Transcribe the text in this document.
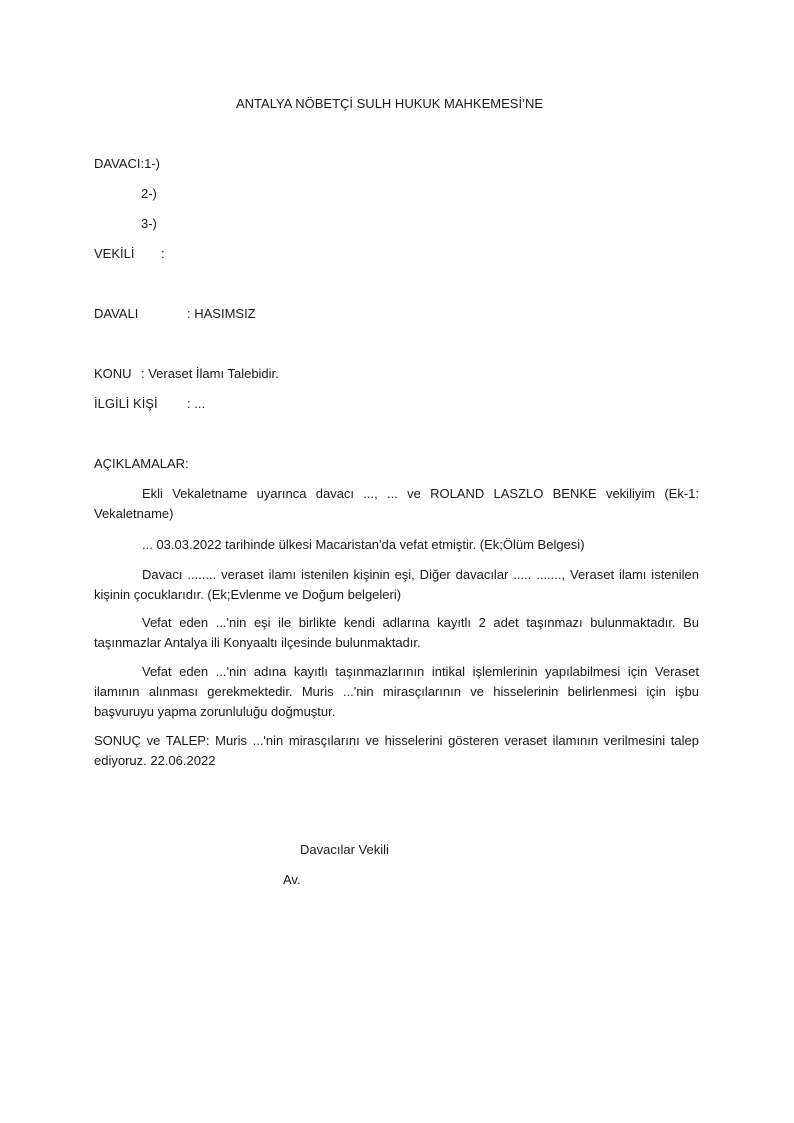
ANTALYA NÖBETÇİ SULH HUKUK MAHKEMESİ’NE
DAVACI:1-)
2-)
3-)
VEKİLİ :
DAVALI	: HASIMSIZ
KONU : Veraset İlamı Talebidir.
İLGİLİ KİŞİ : ...
AÇIKLAMALAR:
Ekli Vekaletname uyarınca davacı ..., ... ve ROLAND LASZLO BENKE vekiliyim (Ek-1: Vekaletname)
... 03.03.2022 tarihinde ülkesi Macaristan'da vefat etmiştir. (Ek;Ölüm Belgesi)
Davacı ........ veraset ilamı istenilen kişinin eşi, Diğer davacılar ..... ......., Veraset ilamı istenilen kişinin çocuklarıdır. (Ek;Evlenme ve Doğum belgeleri)
Vefat eden ...'nin eşi ile birlikte kendi adlarına kayıtlı 2 adet taşınmazı bulunmaktadır. Bu taşınmazlar Antalya ili Konyaaltı ilçesinde bulunmaktadır.
Vefat eden ...'nin adına kayıtlı taşınmazlarının intikal işlemlerinin yapılabilmesi için Veraset ilamının alınması gerekmektedir. Muris ...'nin mirasçılarının ve hisselerinin belirlenmesi için işbu başvuruyu yapma zorunluluğu doğmuştur.
SONUÇ ve TALEP: Muris ...'nin mirasçılarını ve hisselerini gösteren veraset ilamının verilmesini talep ediyoruz. 22.06.2022
Davacılar Vekili
Av.
